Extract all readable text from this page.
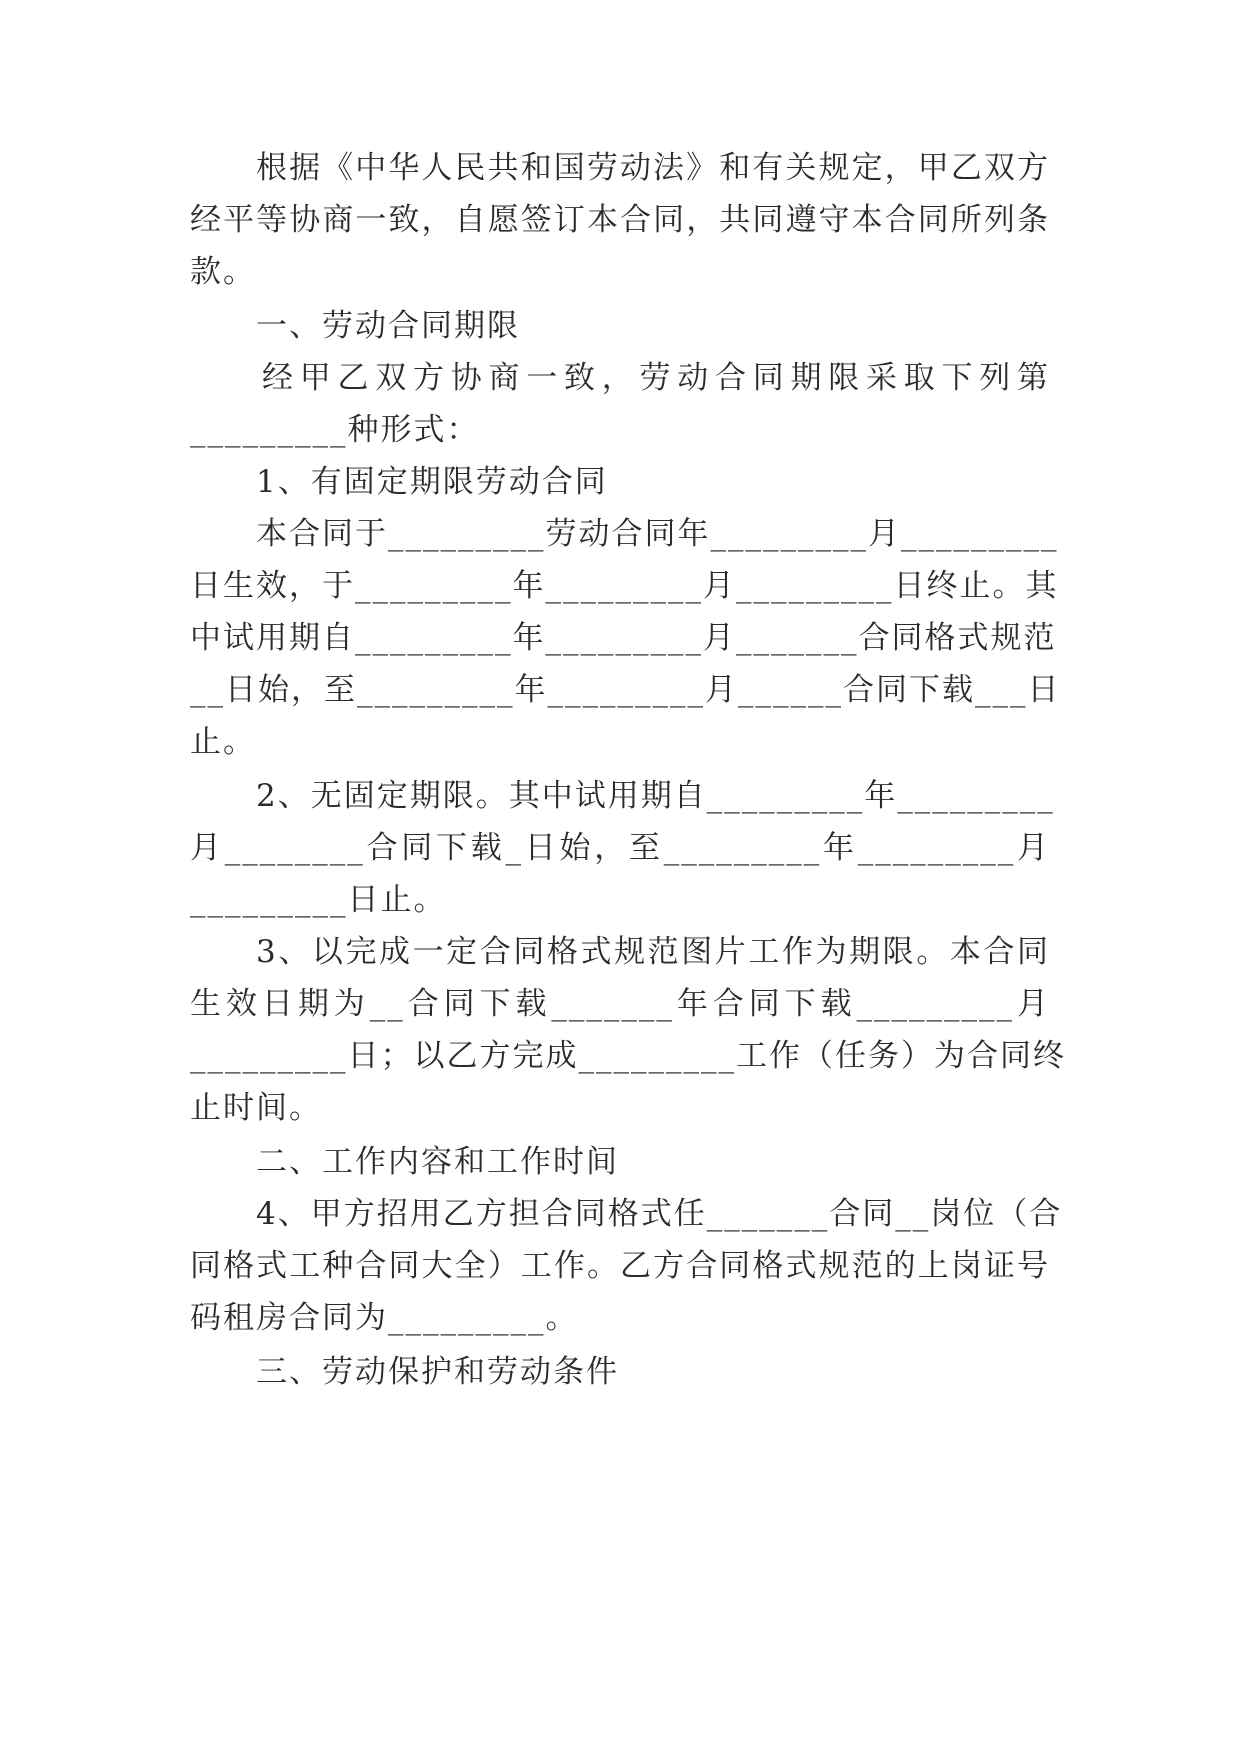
根据《中华人民共和国劳动法》和有关规定，甲乙双方
经平等协商一致，自愿签订本合同，共同遵守本合同所列条
款。
一、劳动合同期限
经甲乙双方协商一致，劳动合同期限采取下列第
_________种形式：
1、有固定期限劳动合同
本合同于_________劳动合同年_________月_________
日生效，于_________年_________月_________日终止。其
中试用期自_________年_________月_______合同格式规范
__日始，至_________年_________月______合同下载___日
止。
2、无固定期限。其中试用期自_________年_________
月________合同下载_日始，至_________年_________月
_________日止。
3、以完成一定合同格式规范图片工作为期限。本合同
生效日期为__合同下载_______年合同下载_________月
_________日；以乙方完成_________工作（任务）为合同终
止时间。
二、工作内容和工作时间
4、甲方招用乙方担合同格式任_______合同__岗位（合
同格式工种合同大全）工作。乙方合同格式规范的上岗证号
码租房合同为_________。
三、劳动保护和劳动条件
